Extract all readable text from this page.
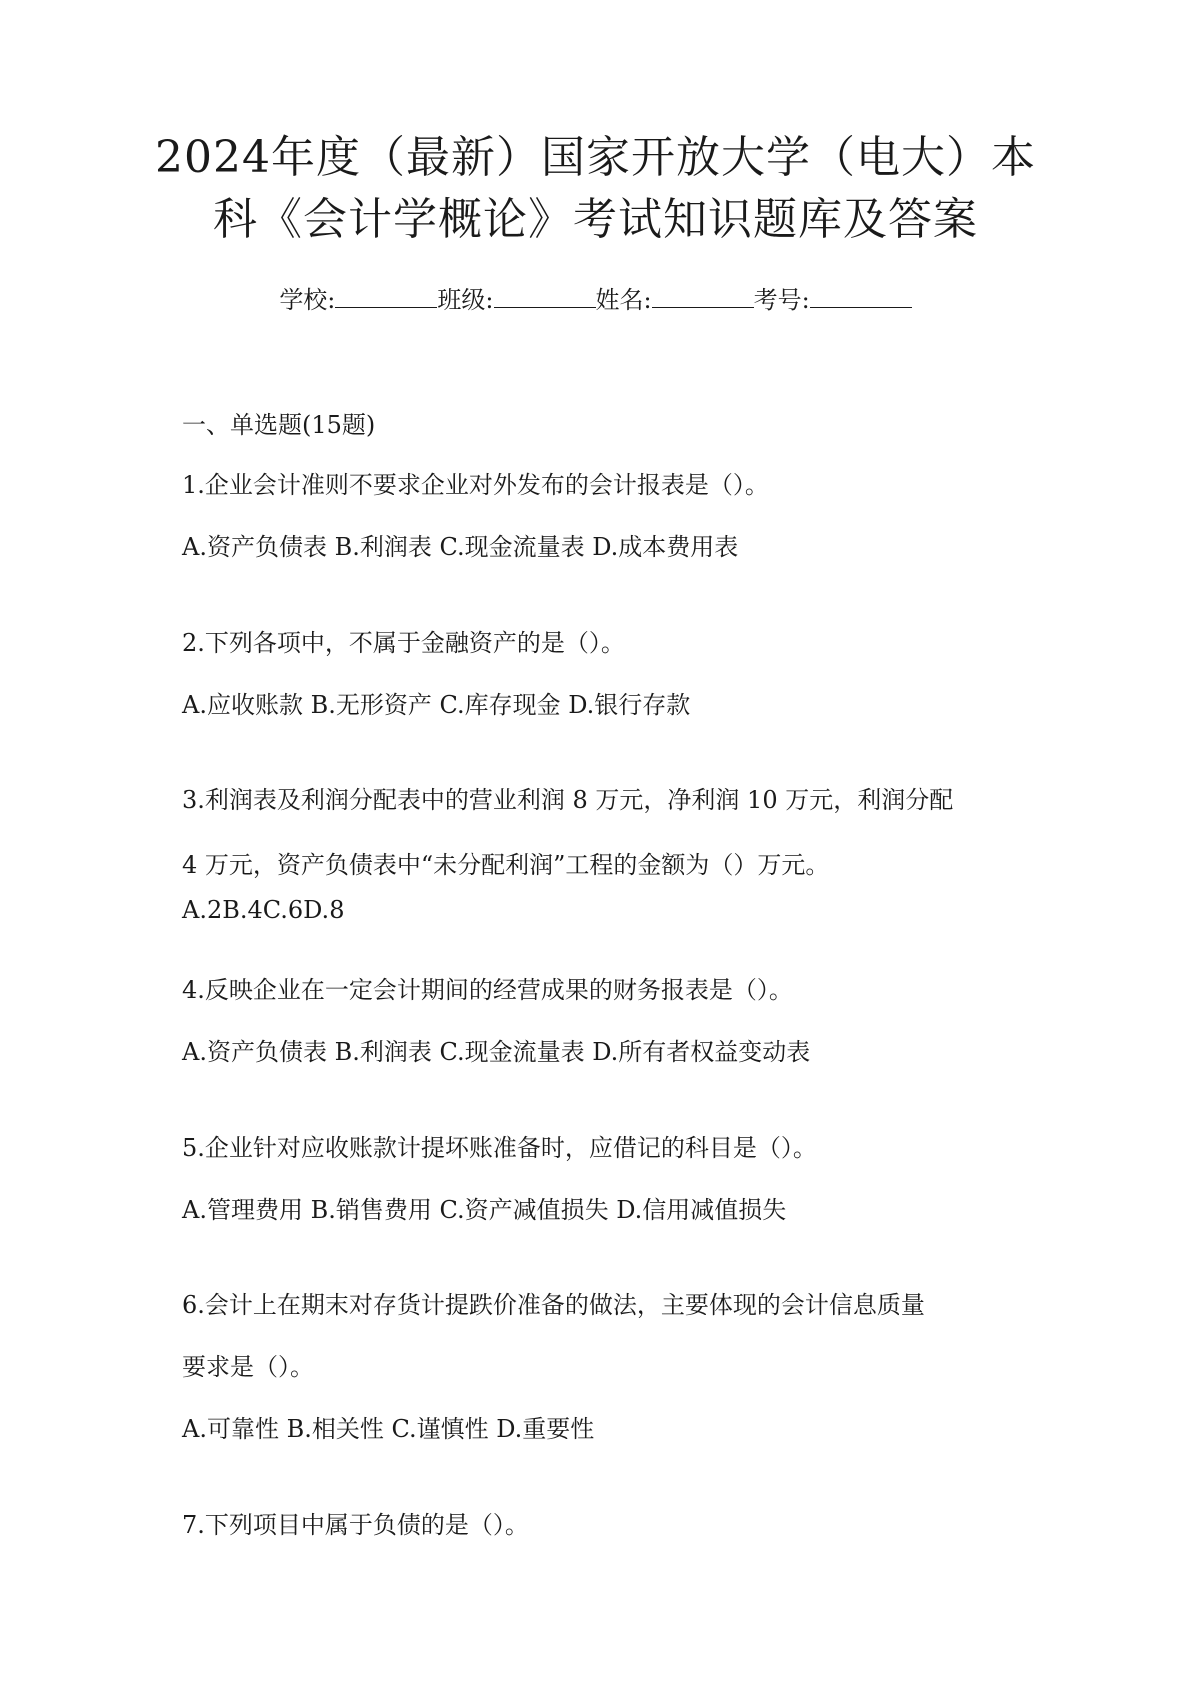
2024年度（最新）国家开放大学（电大）本
科《会计学概论》考试知识题库及答案
学校:	班级:	姓名:	考号:
一、单选题(15题)
1.企业会计准则不要求企业对外发布的会计报表是（）。
A.资产负债表 B.利润表 C.现金流量表 D.成本费用表
2.下列各项中，不属于金融资产的是（）。
A.应收账款 B.无形资产 C.库存现金 D.银行存款
3.利润表及利润分配表中的营业利润 8 万元，净利润 10 万元，利润分配
4 万元，资产负债表中“未分配利润”工程的金额为（）万元。
A.2B.4C.6D.8
4.反映企业在一定会计期间的经营成果的财务报表是（）。
A.资产负债表 B.利润表 C.现金流量表 D.所有者权益变动表
5.企业针对应收账款计提坏账准备时，应借记的科目是（）。
A.管理费用 B.销售费用 C.资产减值损失 D.信用减值损失
6.会计上在期末对存货计提跌价准备的做法，主要体现的会计信息质量
要求是（）。
A.可靠性 B.相关性 C.谨慎性 D.重要性
7.下列项目中属于负债的是（）。
